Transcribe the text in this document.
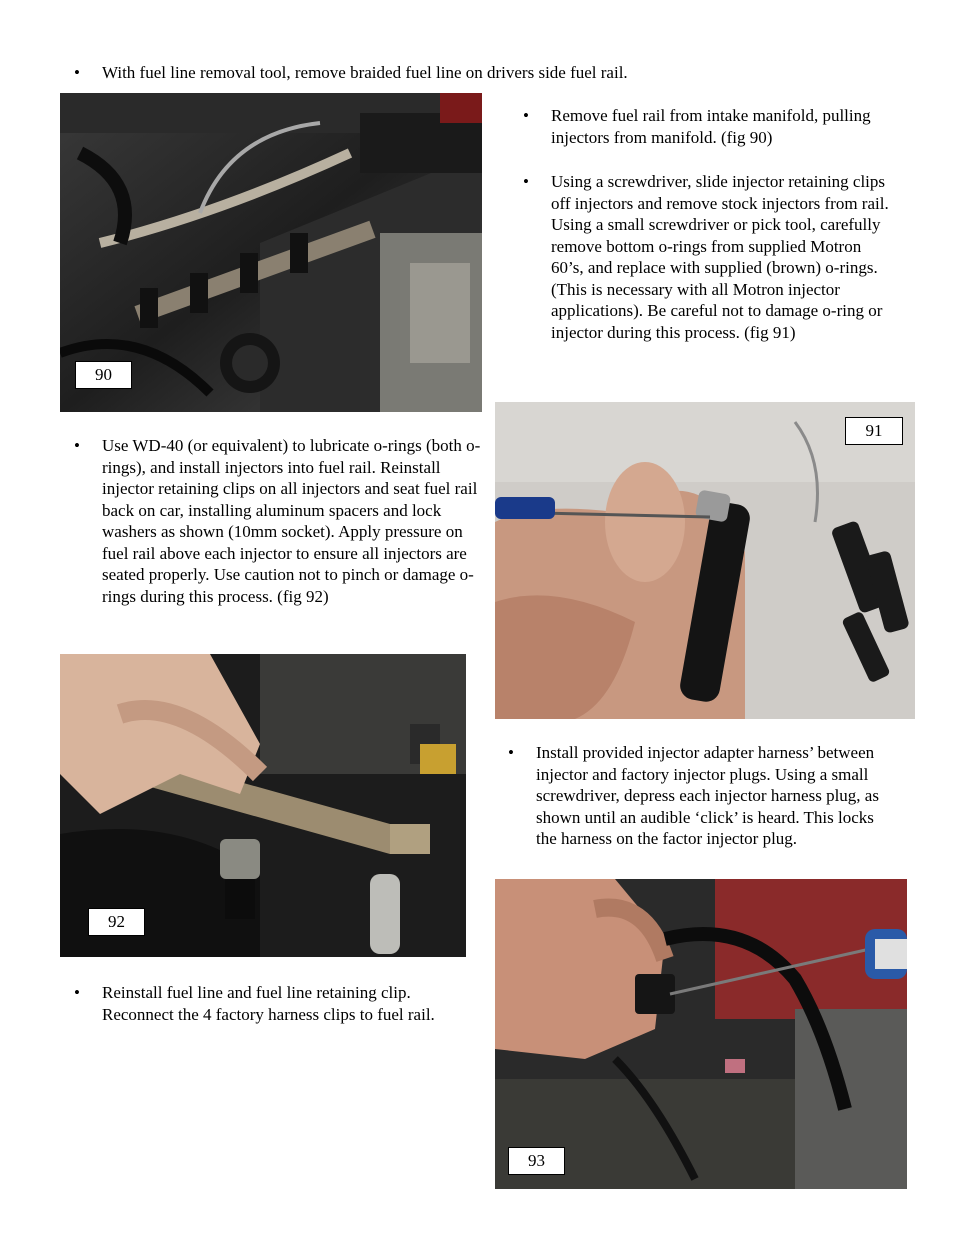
• With fuel line removal tool, remove braided fuel line on drivers side fuel rail.
90
• Remove fuel rail from intake manifold, pulling injectors from manifold. (fig 90)
• Using a screwdriver, slide injector retaining clips off injectors and remove stock injectors from rail. Using a small screwdriver or pick tool, carefully remove bottom o-rings from supplied Motron 60’s, and replace with supplied (brown) o-rings. (This is necessary with all Motron injector applications). Be careful not to damage o-ring or injector during this process. (fig 91)
91
• Use WD-40 (or equivalent) to lubricate o-rings (both o-rings), and install injectors into fuel rail. Reinstall injector retaining clips on all injectors and seat fuel rail back on car, installing aluminum spacers and lock washers as shown (10mm socket). Apply pressure on fuel rail above each injector to ensure all injectors are seated properly. Use caution not to pinch or damage o-rings during this process. (fig 92)
92
• Install provided injector adapter harness’ between injector and factory injector plugs. Using a small screwdriver, depress each injector harness plug, as shown until an audible ‘click’ is heard. This locks the harness on the factor injector plug.
93
• Reinstall fuel line and fuel line retaining clip. Reconnect the 4 factory harness clips to fuel rail.
